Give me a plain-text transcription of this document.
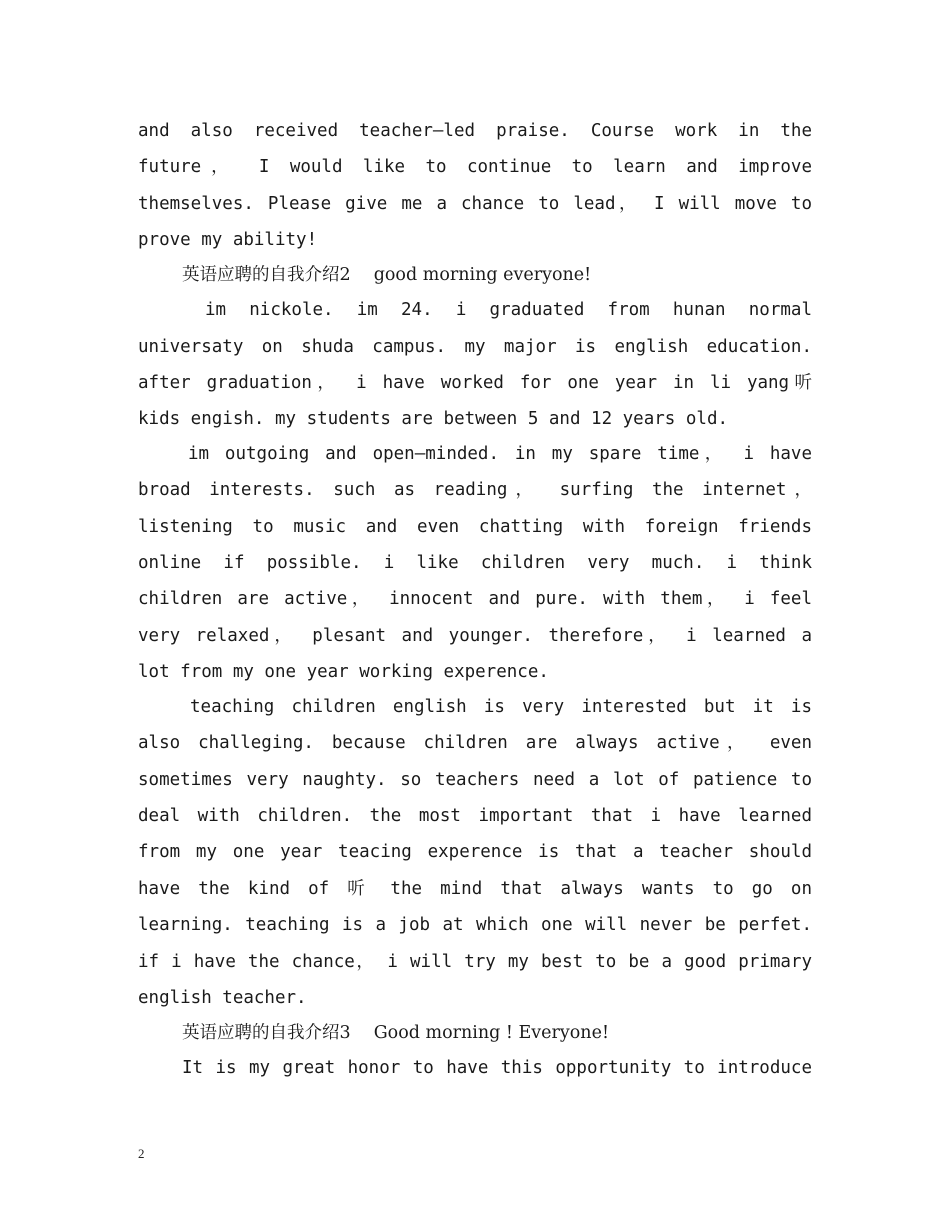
and also received teacher—led praise. Course work in the
future， I would like to continue to learn and improve
themselves. Please give me a chance to lead， I will move to
prove my ability!
英语应聘的自我介绍2　 good morning everyone!
im nickole. im 24. i graduated from hunan normal
universaty on shuda campus. my major is english education.
after graduation， i have worked for one year in li yang听
kids engish. my students are between 5 and 12 years old.
im outgoing and open—minded. in my spare time， i have
broad interests. such as reading， surfing the internet，
listening to music and even chatting with foreign friends
online if possible. i like children very much. i think
children are active， innocent and pure. with them， i feel
very relaxed， plesant and younger. therefore， i learned a
lot from my one year working experence.
teaching children english is very interested but it is
also challeging. because children are always active， even
sometimes very naughty. so teachers need a lot of patience to
deal with children. the most important that i have learned
from my one year teacing experence is that a teacher should
have the kind of 听 the mind that always wants to go on
learning. teaching is a job at which one will never be perfet.
if i have the chance， i will try my best to be a good primary
english teacher.
英语应聘的自我介绍3　 Good morning ! Everyone!
It is my great honor to have this opportunity to introduce
2
